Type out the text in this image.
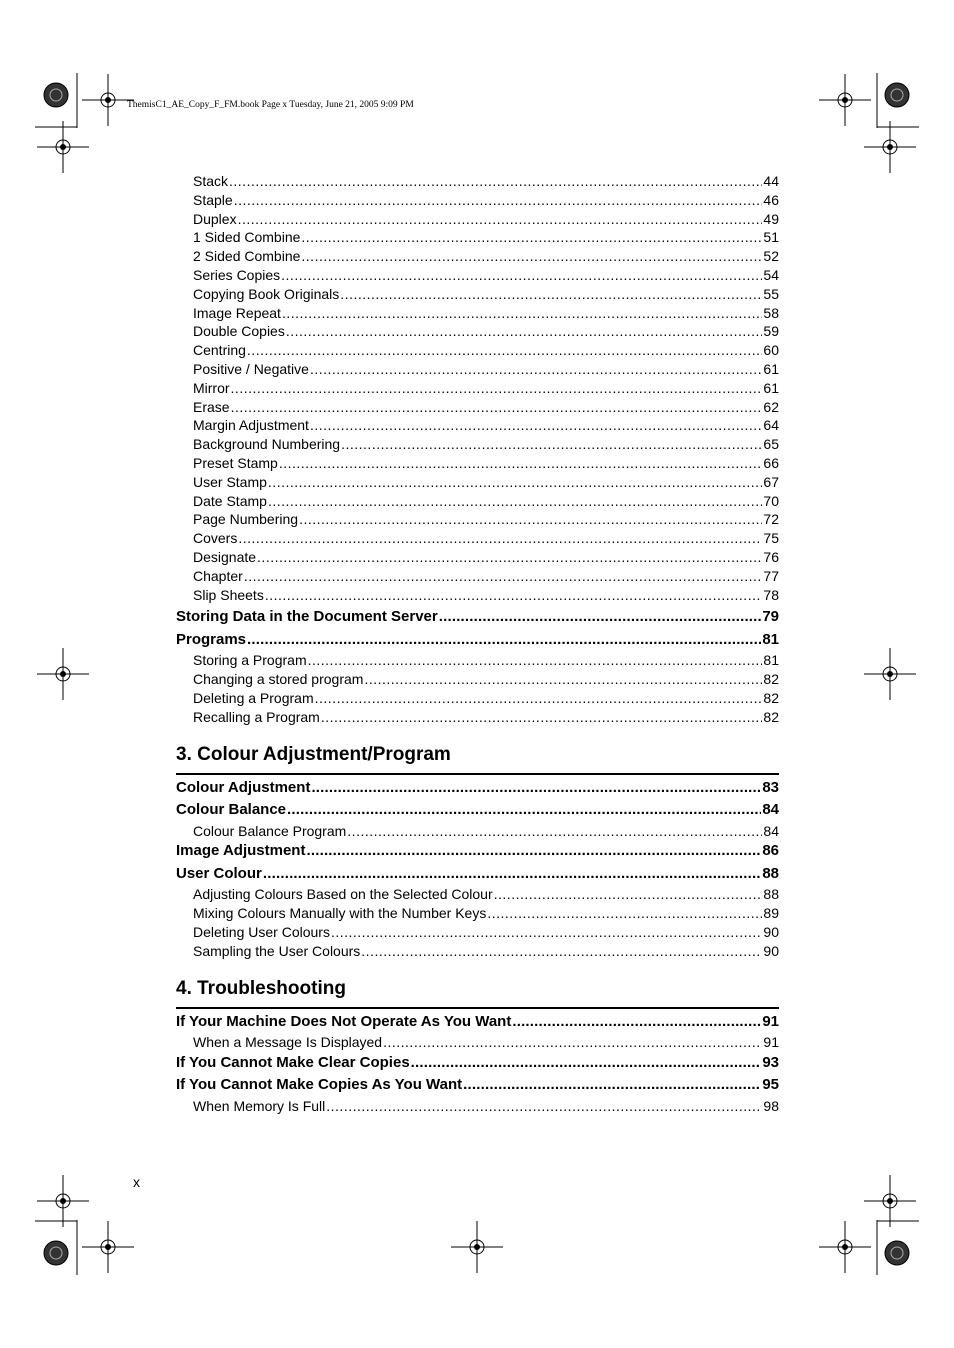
ThemisC1_AE_Copy_F_FM.book Page x Tuesday, June 21, 2005 9:09 PM
Stack .....	44
Staple .....	46
Duplex .....	49
1 Sided Combine .....	51
2 Sided Combine .....	52
Series Copies .....	54
Copying Book Originals .....	55
Image Repeat .....	58
Double Copies .....	59
Centring .....	60
Positive / Negative .....	61
Mirror .....	61
Erase .....	62
Margin Adjustment .....	64
Background Numbering .....	65
Preset Stamp .....	66
User Stamp .....	67
Date Stamp .....	70
Page Numbering .....	72
Covers .....	75
Designate .....	76
Chapter .....	77
Slip Sheets .....	78
Storing Data in the Document Server .....	79
Programs .....	81
Storing a Program .....	81
Changing a stored program .....	82
Deleting a Program .....	82
Recalling a Program .....	82
3. Colour Adjustment/Program
Colour Adjustment .....	83
Colour Balance .....	84
Colour Balance Program .....	84
Image Adjustment .....	86
User Colour .....	88
Adjusting Colours Based on the Selected Colour .....	88
Mixing Colours Manually with the Number Keys .....	89
Deleting User Colours .....	90
Sampling the User Colours .....	90
4. Troubleshooting
If Your Machine Does Not Operate As You Want .....	91
When a Message Is Displayed .....	91
If You Cannot Make Clear Copies .....	93
If You Cannot Make Copies As You Want .....	95
When Memory Is Full .....	98
x
